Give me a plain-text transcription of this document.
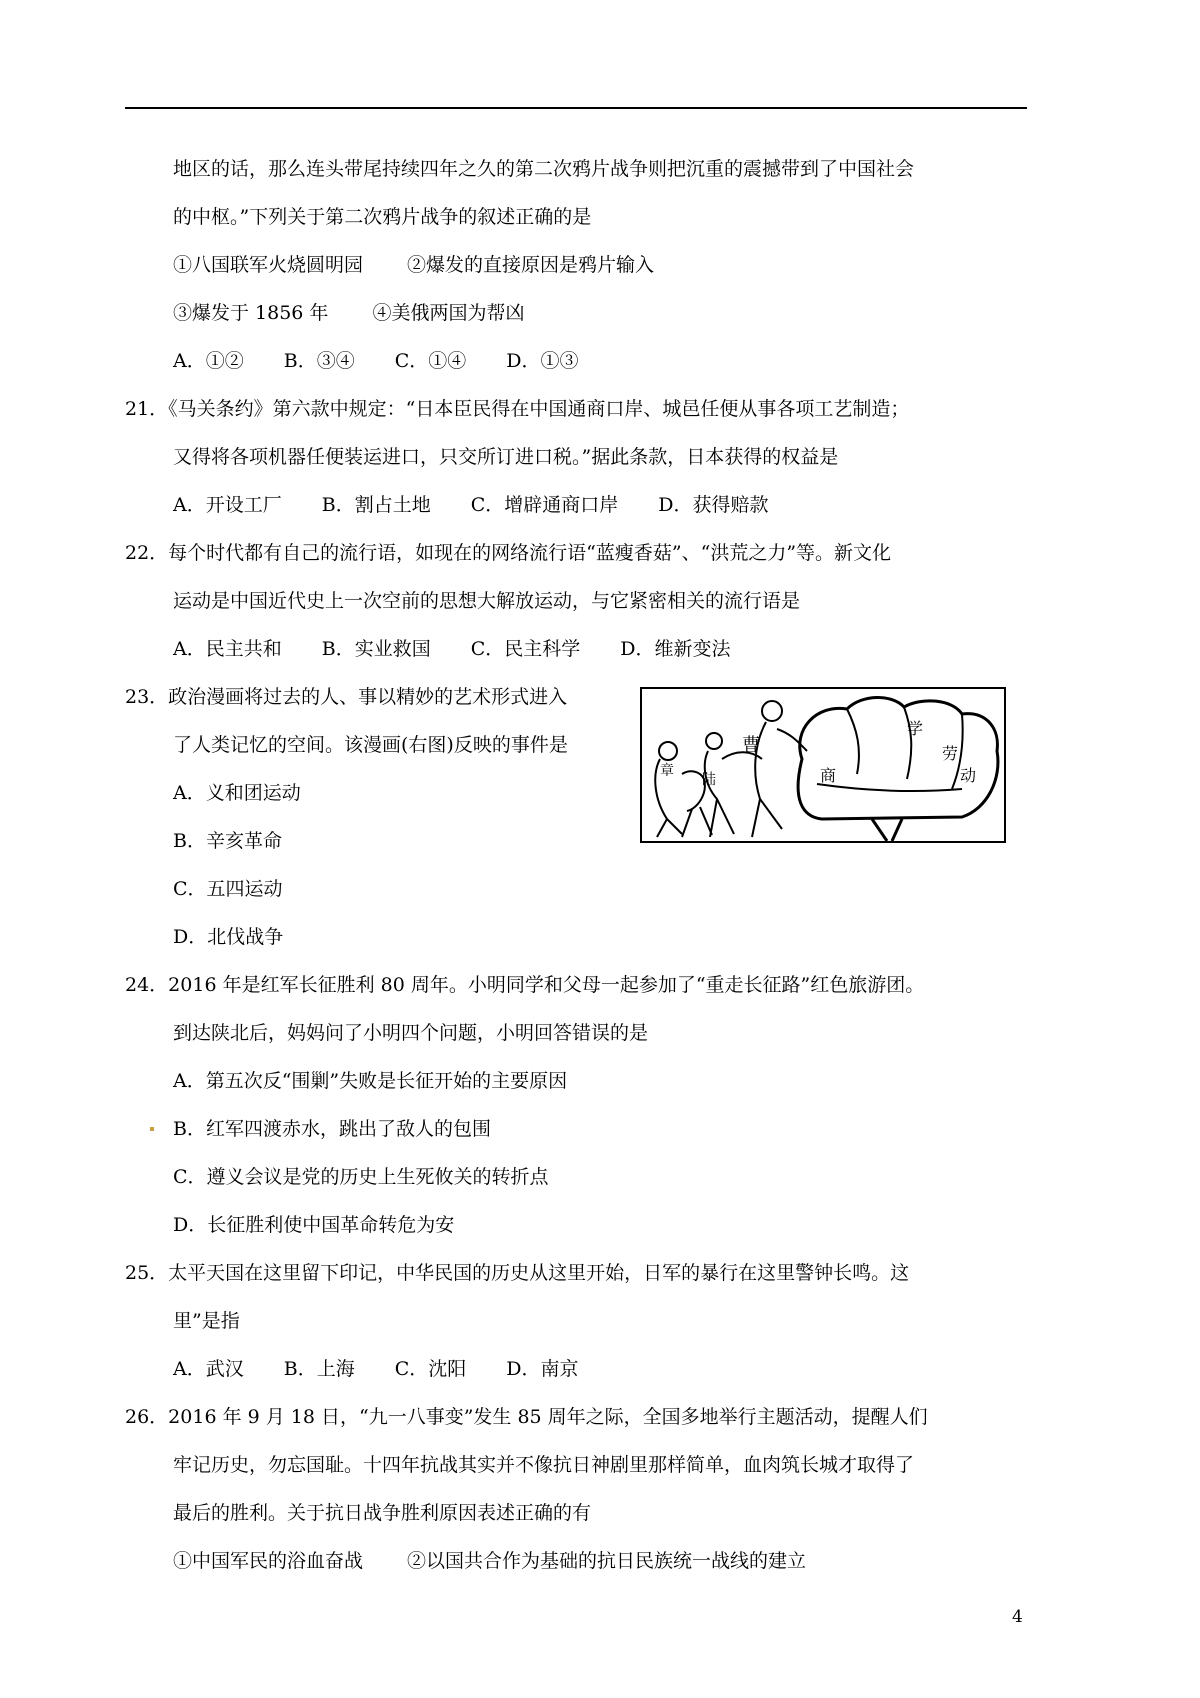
地区的话，那么连头带尾持续四年之久的第二次鸦片战争则把沉重的震撼带到了中国社会
的中枢。”下列关于第二次鸦片战争的叙述正确的是
①八国联军火烧圆明园 ②爆发的直接原因是鸦片输入
③爆发于 1856 年 ④美俄两国为帮凶
A．①② B．③④ C．①④ D．①③
21．《马关条约》第六款中规定：“日本臣民得在中国通商口岸、城邑任便从事各项工艺制造；
又得将各项机器任便装运进口，只交所订进口税。”据此条款，日本获得的权益是
A．开设工厂 B．割占土地 C．增辟通商口岸 D．获得赔款
22．每个时代都有自己的流行语，如现在的网络流行语“蓝瘦香菇”、“洪荒之力”等。新文化
运动是中国近代史上一次空前的思想大解放运动，与它紧密相关的流行语是
A．民主共和 B．实业救国 C．民主科学 D．维新变法
23．政治漫画将过去的人、事以精妙的艺术形式进入
了人类记忆的空间。该漫画(右图)反映的事件是
A．义和团运动
B．辛亥革命
C．五四运动
D．北伐战争
章
陆
曹
商
学
劳
动
24．2016 年是红军长征胜利 80 周年。小明同学和父母一起参加了“重走长征路”红色旅游团。
到达陕北后，妈妈问了小明四个问题，小明回答错误的是
A．第五次反“围剿”失败是长征开始的主要原因
B．红军四渡赤水，跳出了敌人的包围
C．遵义会议是党的历史上生死攸关的转折点
D．长征胜利使中国革命转危为安
25．太平天国在这里留下印记，中华民国的历史从这里开始，日军的暴行在这里警钟长鸣。这
里”是指
A．武汉 B．上海 C．沈阳 D．南京
26．2016 年 9 月 18 日，“九一八事变”发生 85 周年之际，全国多地举行主题活动，提醒人们
牢记历史，勿忘国耻。十四年抗战其实并不像抗日神剧里那样简单，血肉筑长城才取得了
最后的胜利。关于抗日战争胜利原因表述正确的有
①中国军民的浴血奋战 ②以国共合作为基础的抗日民族统一战线的建立
4
